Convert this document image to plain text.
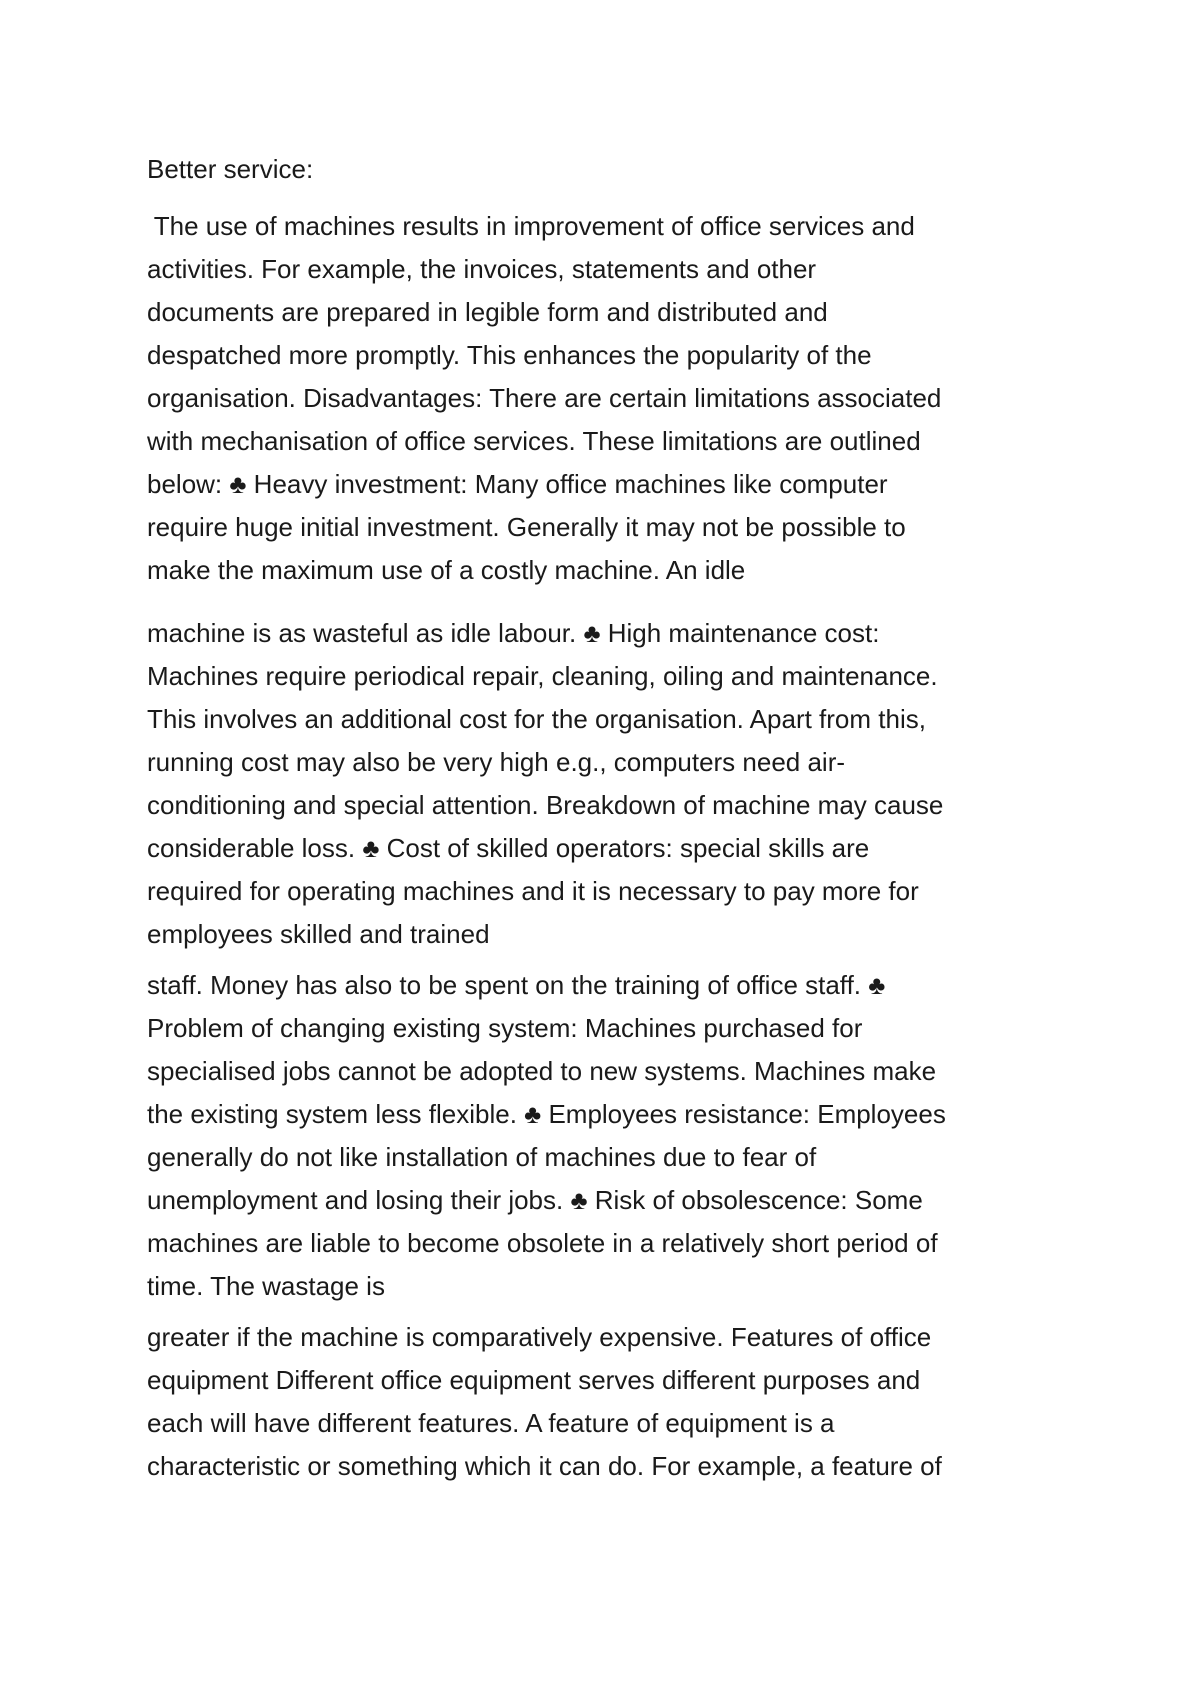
Better service:
The use of machines results in improvement of office services and
activities. For example, the invoices, statements and other
documents are prepared in legible form and distributed and
despatched more promptly. This enhances the popularity of the
organisation. Disadvantages: There are certain limitations associated
with mechanisation of office services. These limitations are outlined
below: ♣ Heavy investment: Many office machines like computer
require huge initial investment. Generally it may not be possible to
make the maximum use of a costly machine. An idle
machine is as wasteful as idle labour. ♣ High maintenance cost:
Machines require periodical repair, cleaning, oiling and maintenance.
This involves an additional cost for the organisation. Apart from this,
running cost may also be very high e.g., computers need air-
conditioning and special attention. Breakdown of machine may cause
considerable loss. ♣ Cost of skilled operators: special skills are
required for operating machines and it is necessary to pay more for
employees skilled and trained
staff. Money has also to be spent on the training of office staff. ♣
Problem of changing existing system: Machines purchased for
specialised jobs cannot be adopted to new systems. Machines make
the existing system less flexible. ♣ Employees resistance: Employees
generally do not like installation of machines due to fear of
unemployment and losing their jobs. ♣ Risk of obsolescence: Some
machines are liable to become obsolete in a relatively short period of
time. The wastage is
greater if the machine is comparatively expensive. Features of office
equipment Different office equipment serves different purposes and
each will have different features. A feature of equipment is a
characteristic or something which it can do. For example, a feature of
